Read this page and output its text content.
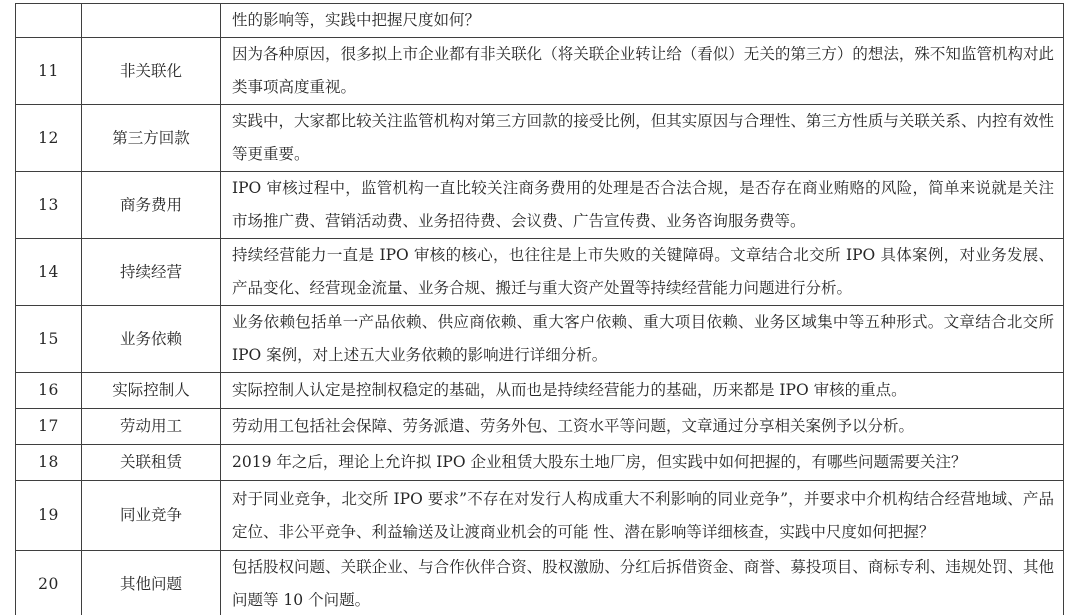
		性的影响等，实践中把握尺度如何？
11	非关联化	因为各种原因，很多拟上市企业都有非关联化（将关联企业转让给（看似）无关的第三方）的想法，殊不知监管机构对此类事项高度重视。
12	第三方回款	实践中，大家都比较关注监管机构对第三方回款的接受比例，但其实原因与合理性、第三方性质与关联关系、内控有效性等更重要。
13	商务费用	IPO 审核过程中，监管机构一直比较关注商务费用的处理是否合法合规，是否存在商业贿赂的风险，简单来说就是关注市场推广费、营销活动费、业务招待费、会议费、广告宣传费、业务咨询服务费等。
14	持续经营	持续经营能力一直是 IPO 审核的核心，也往往是上市失败的关键障碍。文章结合北交所 IPO 具体案例，对业务发展、产品变化、经营现金流量、业务合规、搬迁与重大资产处置等持续经营能力问题进行分析。
15	业务依赖	业务依赖包括单一产品依赖、供应商依赖、重大客户依赖、重大项目依赖、业务区域集中等五种形式。文章结合北交所 IPO 案例，对上述五大业务依赖的影响进行详细分析。
16	实际控制人	实际控制人认定是控制权稳定的基础，从而也是持续经营能力的基础，历来都是 IPO 审核的重点。
17	劳动用工	劳动用工包括社会保障、劳务派遣、劳务外包、工资水平等问题，文章通过分享相关案例予以分析。
18	关联租赁	2019 年之后，理论上允许拟 IPO 企业租赁大股东土地厂房，但实践中如何把握的，有哪些问题需要关注？
19	同业竞争	对于同业竞争，北交所 IPO 要求”不存在对发行人构成重大不利影响的同业竞争”，并要求中介机构结合经营地域、产品定位、非公平竞争、利益输送及让渡商业机会的可能 性、潜在影响等详细核查，实践中尺度如何把握？
20	其他问题	包括股权问题、关联企业、与合作伙伴合资、股权激励、分红后拆借资金、商誉、募投项目、商标专利、违规处罚、其他问题等 10 个问题。
